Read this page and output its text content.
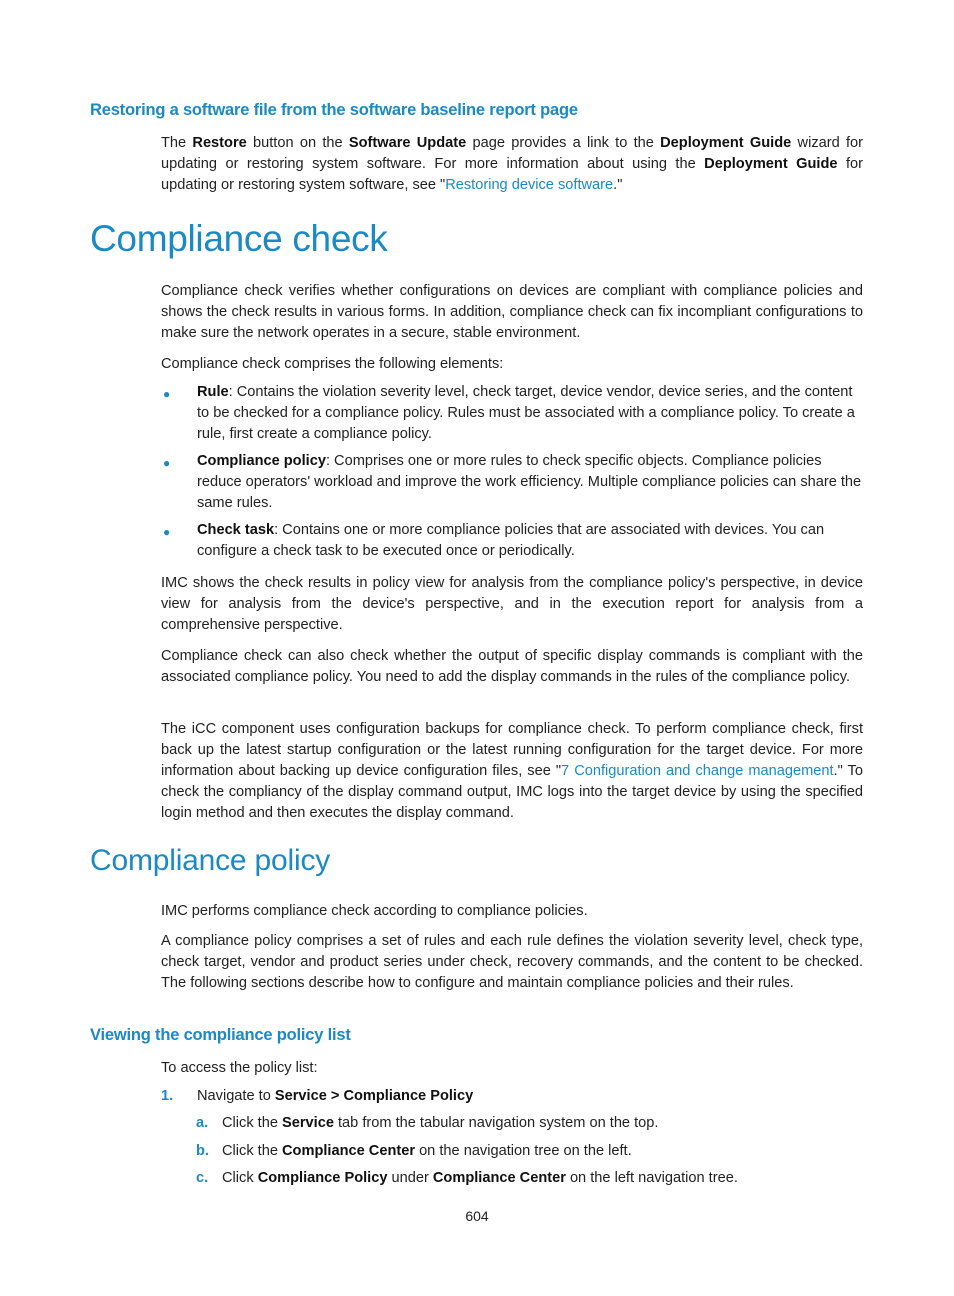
Restoring a software file from the software baseline report page

The Restore button on the Software Update page provides a link to the Deployment Guide wizard for updating or restoring system software. For more information about using the Deployment Guide for updating or restoring system software, see "Restoring device software."

Compliance check

Compliance check verifies whether configurations on devices are compliant with compliance policies and shows the check results in various forms. In addition, compliance check can fix incompliant configurations to make sure the network operates in a secure, stable environment.

Compliance check comprises the following elements:

● Rule: Contains the violation severity level, check target, device vendor, device series, and the content to be checked for a compliance policy. Rules must be associated with a compliance policy. To create a rule, first create a compliance policy.
● Compliance policy: Comprises one or more rules to check specific objects. Compliance policies reduce operators' workload and improve the work efficiency. Multiple compliance policies can share the same rules.
● Check task: Contains one or more compliance policies that are associated with devices. You can configure a check task to be executed once or periodically.

IMC shows the check results in policy view for analysis from the compliance policy's perspective, in device view for analysis from the device's perspective, and in the execution report for analysis from a comprehensive perspective.

Compliance check can also check whether the output of specific display commands is compliant with the associated compliance policy. You need to add the display commands in the rules of the compliance policy.

The iCC component uses configuration backups for compliance check. To perform compliance check, first back up the latest startup configuration or the latest running configuration for the target device. For more information about backing up device configuration files, see "7 Configuration and change management." To check the compliancy of the display command output, IMC logs into the target device by using the specified login method and then executes the display command.

Compliance policy

IMC performs compliance check according to compliance policies.

A compliance policy comprises a set of rules and each rule defines the violation severity level, check type, check target, vendor and product series under check, recovery commands, and the content to be checked. The following sections describe how to configure and maintain compliance policies and their rules.

Viewing the compliance policy list

To access the policy list:

1. Navigate to Service > Compliance Policy

a. Click the Service tab from the tabular navigation system on the top.

b. Click the Compliance Center on the navigation tree on the left.

c. Click Compliance Policy under Compliance Center on the left navigation tree.

604
